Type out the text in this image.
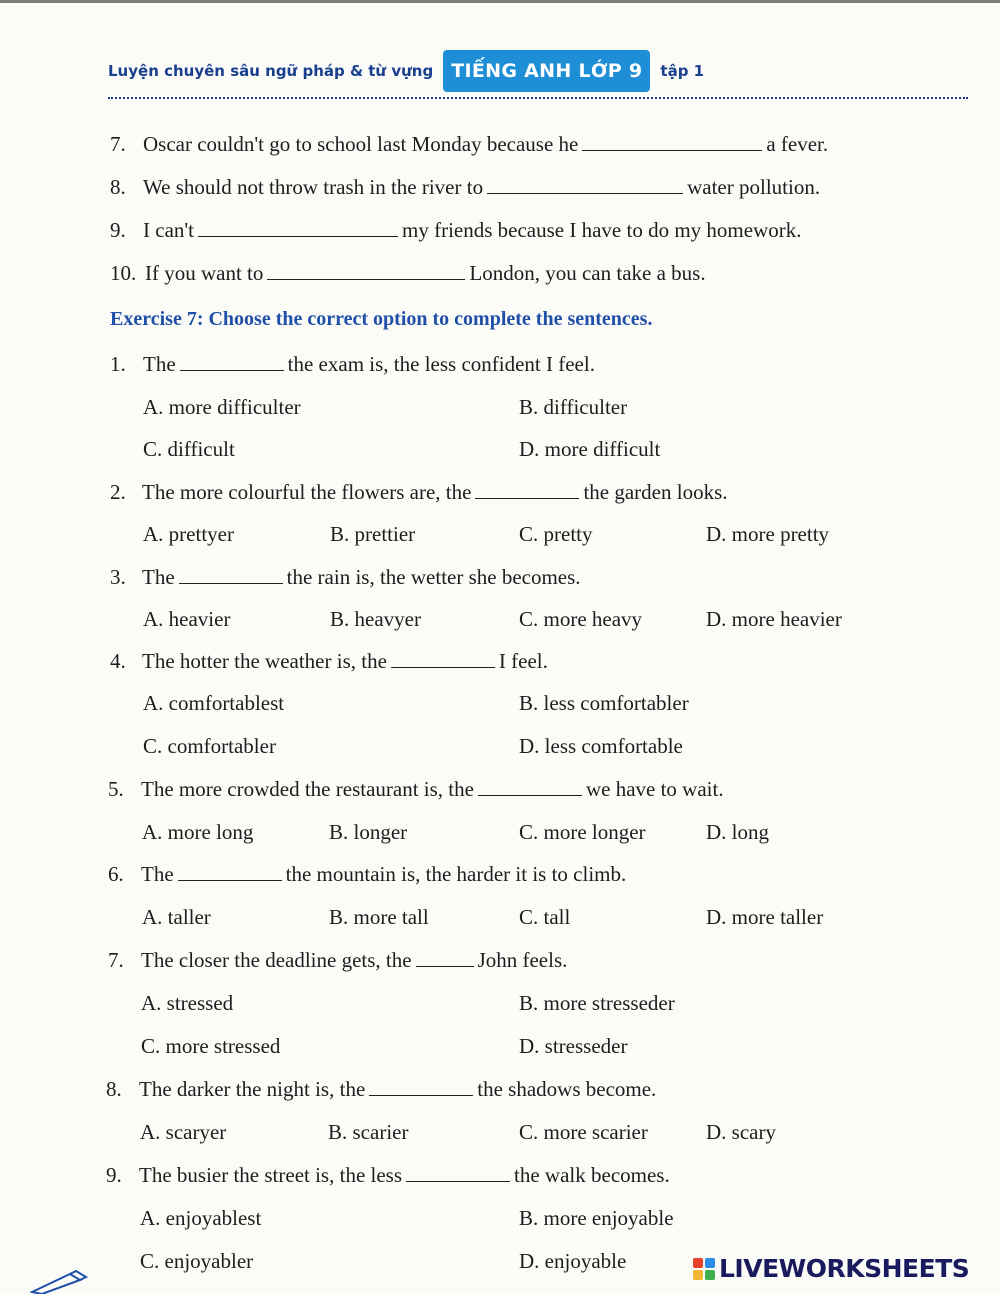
Luyện chuyên sâu ngữ pháp & từ vựng TIẾNG ANH LỚP 9	tập 1
7. Oscar couldn't go to school last Monday because he	a fever.
8. We should not throw trash in the river to	water pollution.
9. I can't	my friends because I have to do my homework.
10. If you want to	London, you can take a bus.
Exercise 7: Choose the correct option to complete the sentences.
1. The	the exam is, the less confident I feel.
A. more difficulter	B. difficulter
C. difficult	D. more difficult
2. The more colourful the flowers are, the	the garden looks.
A. prettyer	B. prettier	C. pretty	D. more pretty
3. The	the rain is, the wetter she becomes.
A. heavier	B. heavyer	C. more heavy	D. more heavier
4. The hotter the weather is, the	I feel.
A. comfortablest	B. less comfortabler
C. comfortabler	D. less comfortable
5. The more crowded the restaurant is, the	we have to wait.
A. more long	B. longer	C. more longer	D. long
6. The	the mountain is, the harder it is to climb.
A. taller	B. more tall	C. tall	D. more taller
7. The closer the deadline gets, the	John feels.
A. stressed	B. more stresseder
C. more stressed	D. stresseder
8. The darker the night is, the	the shadows become.
A. scaryer	B. scarier	C. more scarier	D. scary
9. The busier the street is, the less	the walk becomes.
A. enjoyablest	B. more enjoyable
C. enjoyabler	D. enjoyable	LIVEWORKSHEETS
